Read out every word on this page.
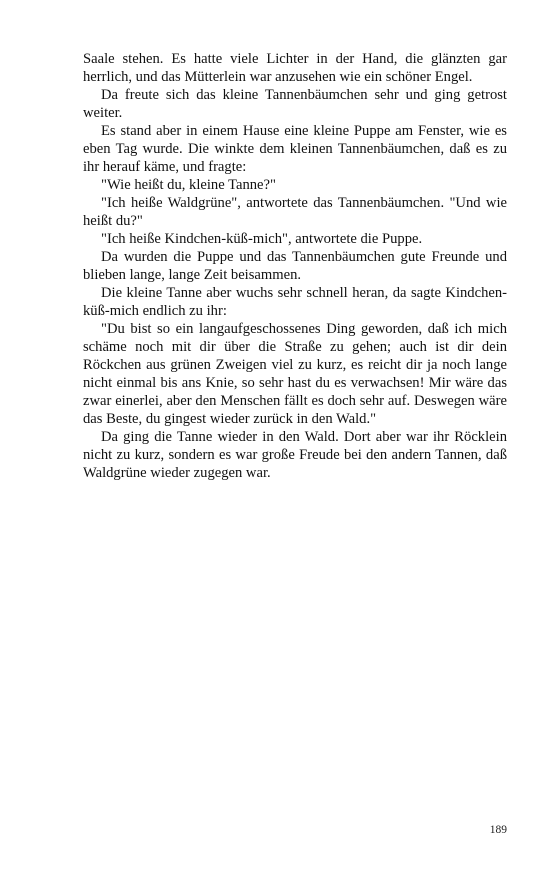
Saale stehen. Es hatte viele Lichter in der Hand, die glänzten gar herrlich, und das Mütterlein war anzusehen wie ein schöner Engel.

Da freute sich das kleine Tannenbäumchen sehr und ging getrost weiter.

Es stand aber in einem Hause eine kleine Puppe am Fenster, wie es eben Tag wurde. Die winkte dem kleinen Tannenbäumchen, daß es zu ihr herauf käme, und fragte:

"Wie heißt du, kleine Tanne?"

"Ich heiße Waldgrüne", antwortete das Tannenbäumchen. "Und wie heißt du?"

"Ich heiße Kindchen-küß-mich", antwortete die Puppe.

Da wurden die Puppe und das Tannenbäumchen gute Freunde und blieben lange, lange Zeit beisammen.

Die kleine Tanne aber wuchs sehr schnell heran, da sagte Kindchen-küß-mich endlich zu ihr:

"Du bist so ein langaufgeschossenes Ding geworden, daß ich mich schäme noch mit dir über die Straße zu gehen; auch ist dir dein Röckchen aus grünen Zweigen viel zu kurz, es reicht dir ja noch lange nicht einmal bis ans Knie, so sehr hast du es verwachsen! Mir wäre das zwar einerlei, aber den Menschen fällt es doch sehr auf. Deswegen wäre das Beste, du gingest wieder zurück in den Wald."

Da ging die Tanne wieder in den Wald. Dort aber war ihr Röcklein nicht zu kurz, sondern es war große Freude bei den andern Tannen, daß Waldgrüne wieder zugegen war.

189
